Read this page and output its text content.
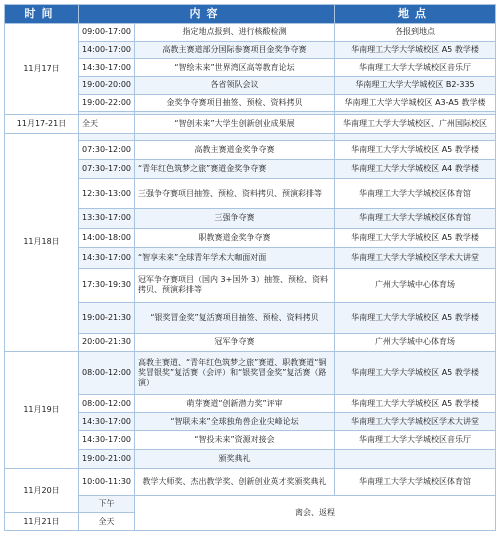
时间	内容		地点
11月17日	09:00-17:00	指定地点报到、进行核酸检测	各报到地点
	14:00-17:00	高教主赛道部分国际参赛项目金奖争夺赛	华南理工大学大学城校区 A5 教学楼
	14:30-17:00	“智绘未来”世界湾区高等教育论坛	华南理工大学大学城校区音乐厅
	19:00-20:00	各省领队会议	华南理工大学大学城校区 B2-335
	19:00-22:00	金奖争夺赛项目抽签、预检、资料拷贝	华南理工大学大学城校区 A3-A5 教学楼

11月17-21日	全天	“智创未来”大学生创新创业成果展	华南理工大学大学城校区、广州国际校区
11月18日			
	07:30-12:00	高教主赛道金奖争夺赛	华南理工大学大学城校区 A5 教学楼
	07:30-17:00	“青年红色筑梦之旅”赛道金奖争夺赛	华南理工大学大学城校区 A4 教学楼
	12:30-13:00	三强争夺赛项目抽签、预检、资料拷贝、预演彩排等	华南理工大学大学城校区体育馆
	13:30-17:00	三强争夺赛	华南理工大学大学城校区体育馆
	14:00-18:00	职教赛道金奖争夺赛	华南理工大学大学城校区 A5 教学楼
	14:30-17:00	“智享未来”全球青年学术大咖面对面	华南理工大学大学城校区学术大讲堂
	17:30-19:30	冠军争夺赛项目（国内 3+国外 3）抽签、预检、资料拷贝、预演彩排等	广州大学城中心体育场
	19:00-21:30	“银奖冒金奖”复活赛项目抽签、预检、资料拷贝	华南理工大学大学城校区 A5 教学楼
	20:00-21:30	冠军争夺赛	广州大学城中心体育场
11月19日	08:00-12:00	高教主赛道、“青年红色筑梦之旅”赛道、职教赛道“铜奖冒银奖”复活赛（会评）和“银奖冒金奖”复活赛（路演）	华南理工大学大学城校区 A5 教学楼
	08:00-12:00	萌芽赛道“创新潜力奖”评审	华南理工大学大学城校区 A5 教学楼
	14:30-17:00	“智联未来”全球独角兽企业尖峰论坛	华南理工大学大学城校区学术大讲堂
	14:30-17:00	“智投未来”资源对接会	华南理工大学大学城校区音乐厅
	19:00-21:00	颁奖典礼	
11月20日	10:00-11:30	教学大师奖、杰出教学奖、创新创业英才奖颁奖典礼	华南理工大学大学城校区体育馆
	下午	离会、返程	
11月21日	全天		
